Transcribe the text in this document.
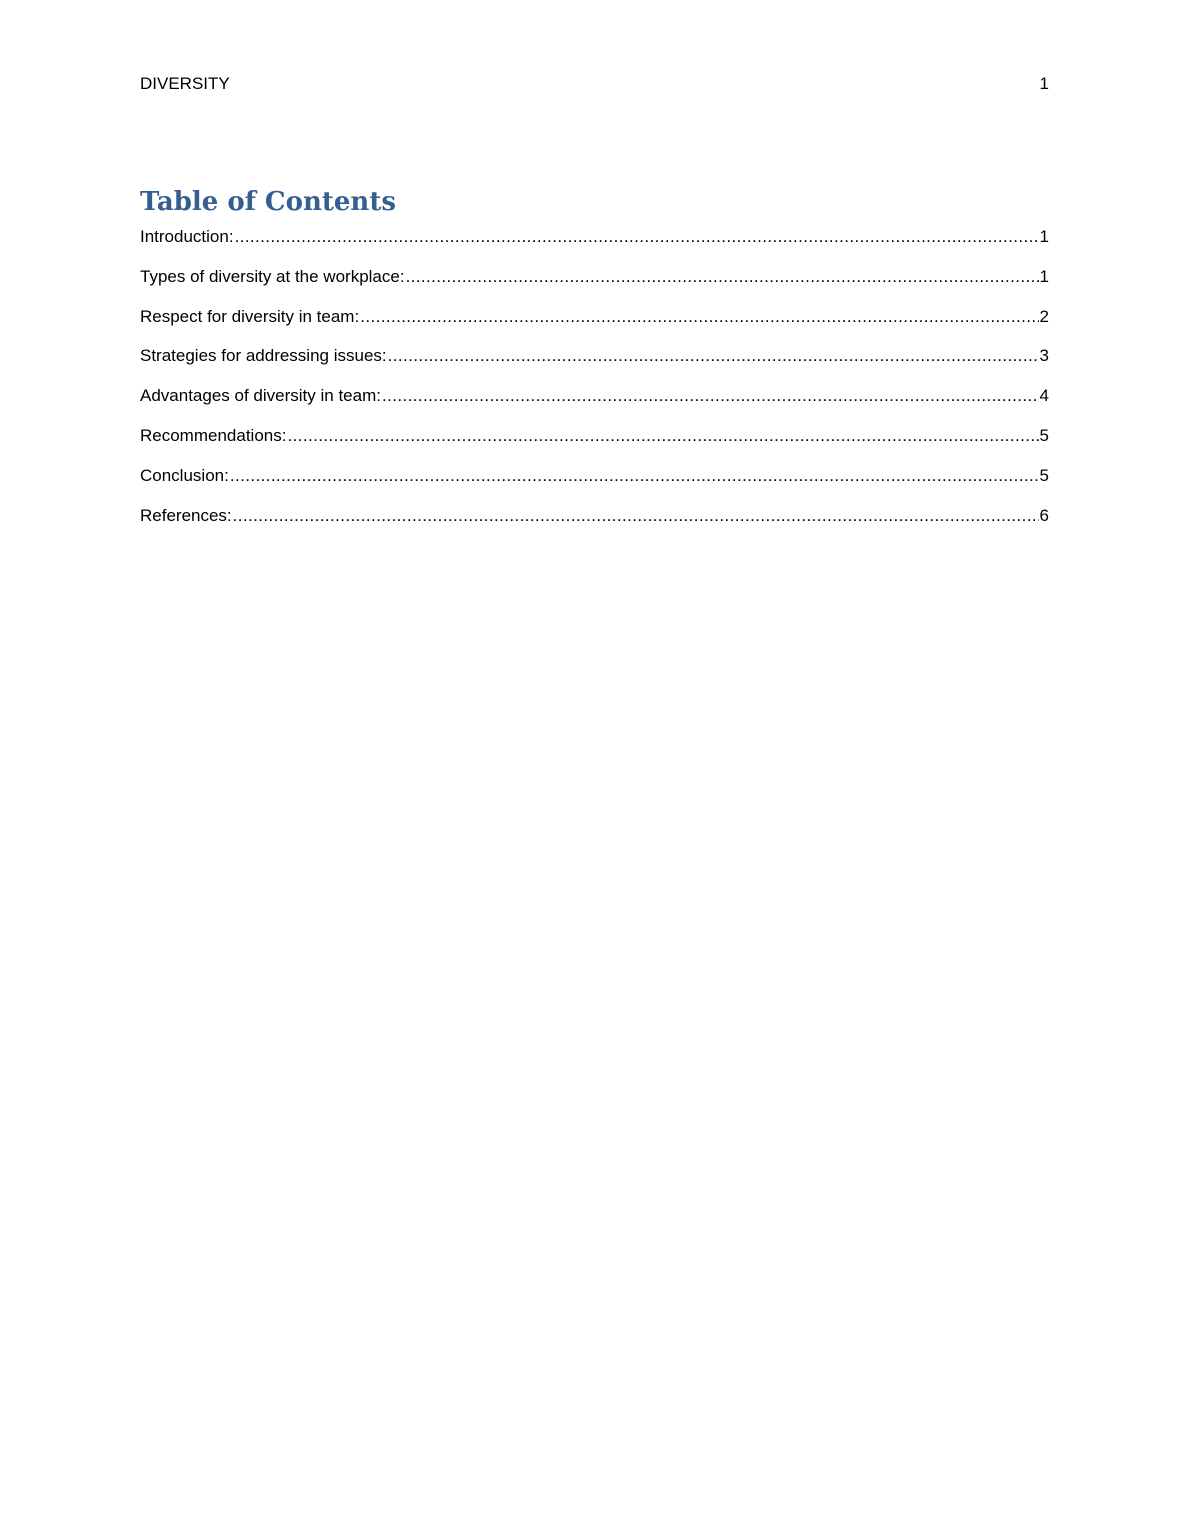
DIVERSITY	1
Table of Contents
Introduction: .....	1
Types of diversity at the workplace: .....	1
Respect for diversity in team: .....	2
Strategies for addressing issues: .....	3
Advantages of diversity in team: .....	4
Recommendations: .....	5
Conclusion: .....	5
References: .....	6
